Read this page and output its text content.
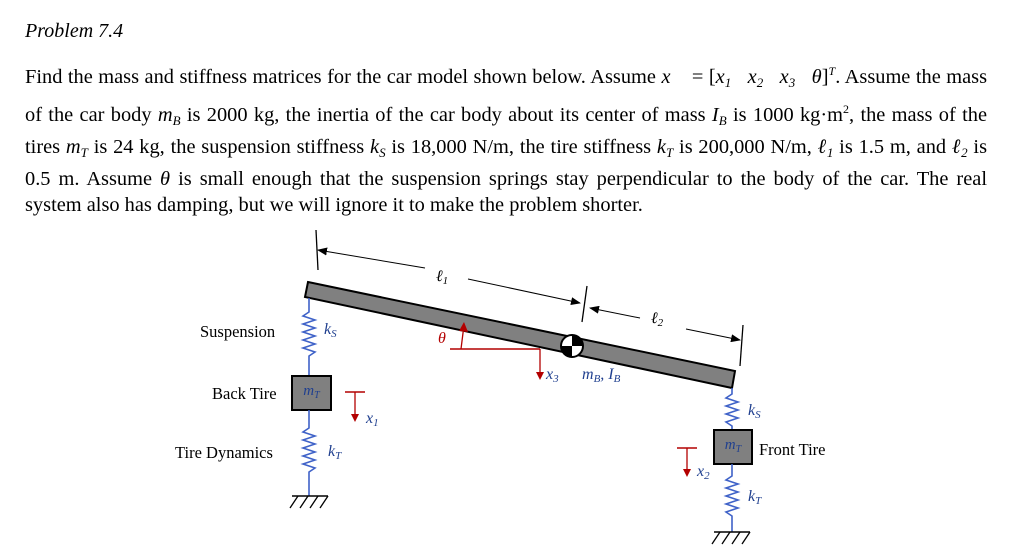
Problem 7.4

Find the mass and stiffness matrices for the car model shown below. Assume x⃗ = [$x_1$ $x_2$ $x_3$ θ]$^T$. Assume the mass of the car body $m_B$ is 2000 kg, the inertia of the car body about its center of mass $I_B$ is 1000 $kg\cdot m^2$, the mass of the tires $m_T$ is 24 kg, the suspension stiffness $k_S$ is 18,000 N/m, the tire stiffness $k_T$ is 200,000 N/m, ℓ$_1$ is 1.5 m, and ℓ$_2$ is 0.5 m. Assume θ is small enough that the suspension springs stay perpendicular to the body of the car. The real system also has damping, but we will ignore it to make the problem shorter.

Suspension
Back Tire
Tire Dynamics	Front Tire
ℓ1
ℓ2
kS	θ
x3 mB, IB
$m_T$
x1
kT
kS
$m_T$
x2
kT
